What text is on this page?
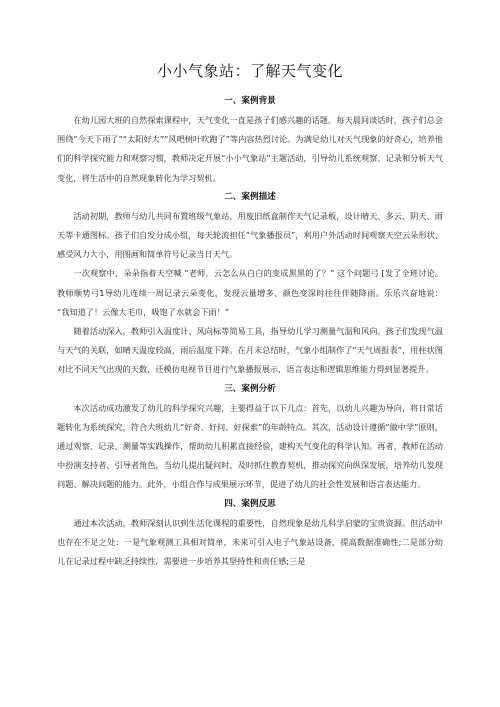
小小气象站：了解天气变化
一、案例背景

在幼儿园大班的自然探索课程中，天气变化一直是孩子们感兴趣的话题。每天晨间谈话时，孩子们总会围绕“今天下雨了”“太阳好大”“风吧树叶吹跑了”等内容热烈讨论。为满足幼儿对天气现象的好奇心，培养他们的科学探究能力和观察习惯，教师决定开展“小小气象站”主题活动，引导幼儿系统观察、记录和分析天气变化，将生活中的自然现象转化为学习契机。

二、案例描述

活动初期，教师与幼儿共同布置班级气象站，用废旧纸盒制作天气记录板，设计晴天、多云、阴天、雨天等卡通图标。孩子们自发分成小组，每天轮流担任“气象播报员”，利用户外活动时间观察天空云朵形状、感受风力大小，用图画和简单符号记录当日天气。

一次观察中，朵朵指着天空喊 “老师，云怎么从白白的变成黑黑的了？” 这个问题弓 [发了全班讨论。教师顺势弓1导幼儿连续一周记录云朵变化，发现云量增多、颜色变深时往往伴随降雨。乐乐兴奋地说： “我知道了！云像大毛巾，吸饱了水就会下雨！”

随着活动深入，教师引入温度计、风向标等简易工具，指导幼儿学习测量气温和风向。孩子们发现气温与天气的关联，如晴天温度较高，雨后温度下降。在月末总结时，气象小组制作了“天气周报表”，用柱状图对比不同天气出现的天数，还模仿电视节目进行气象播报展示，语言表达和逻辑思维能力得到显著提升。

三、案例分析

本次活动成功激发了幼儿的科学探究兴趣，主要得益于以下几点：首先，以幼儿兴趣为导向，将日常话题转化为系统探究，符合大班幼儿“好奇、好问、好探索”的年龄特点。其次，活动设计遵循“做中学”原则，通过观察、记录、测量等实践操作，帮助幼儿积累直接经验，建构天气变化的科学认知。再者，教师在活动中扮演支持者、引导者角色，当幼儿提出疑问时，及时抓住教育契机，推动探究向纵深发展，培养幼儿发现问题、解决问题的能力。此外，小组合作与成果展示环节，促进了幼儿的社会性发展和语言表达能力。

四、案例反思

通过本次活动，教师深刻认识到生活化课程的重要性，自然现象是幼儿科学启蒙的宝贵资源。但活动中也存在不足之处：一是气象观测工具相对简单，未来可引入电子气象站设备，提高数据准确性;二是部分幼儿在记录过程中缺乏持续性，需要进一步培养其坚持性和责任感;三是
